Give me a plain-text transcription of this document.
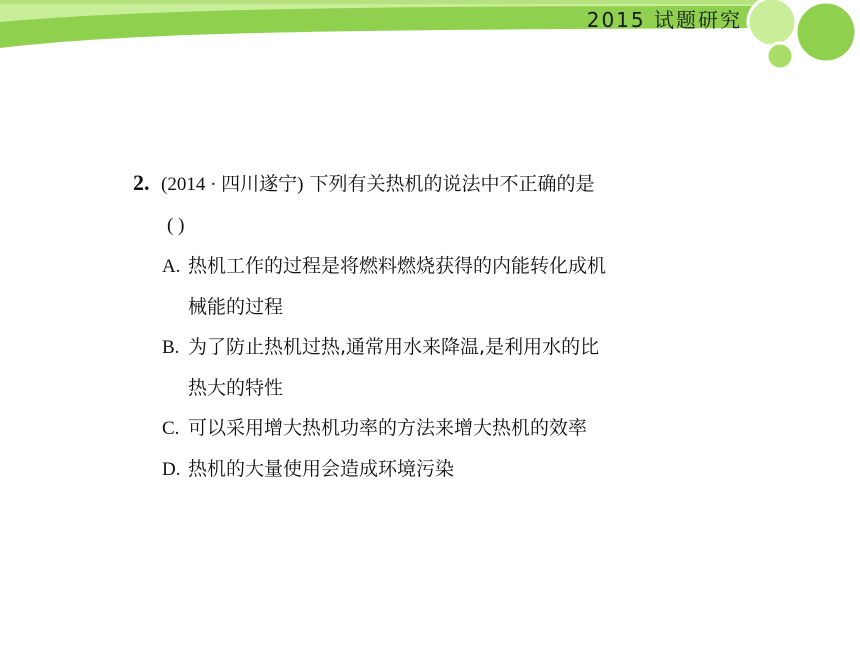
2015 试题研究
2. (2014 · 四川遂宁) 下列有关热机的说法中不正确的是
( )
A. 热机工作的过程是将燃料燃烧获得的内能转化成机
械能的过程
B. 为了防止热机过热,通常用水来降温,是利用水的比
热大的特性
C. 可以采用增大热机功率的方法来增大热机的效率
D. 热机的大量使用会造成环境污染
